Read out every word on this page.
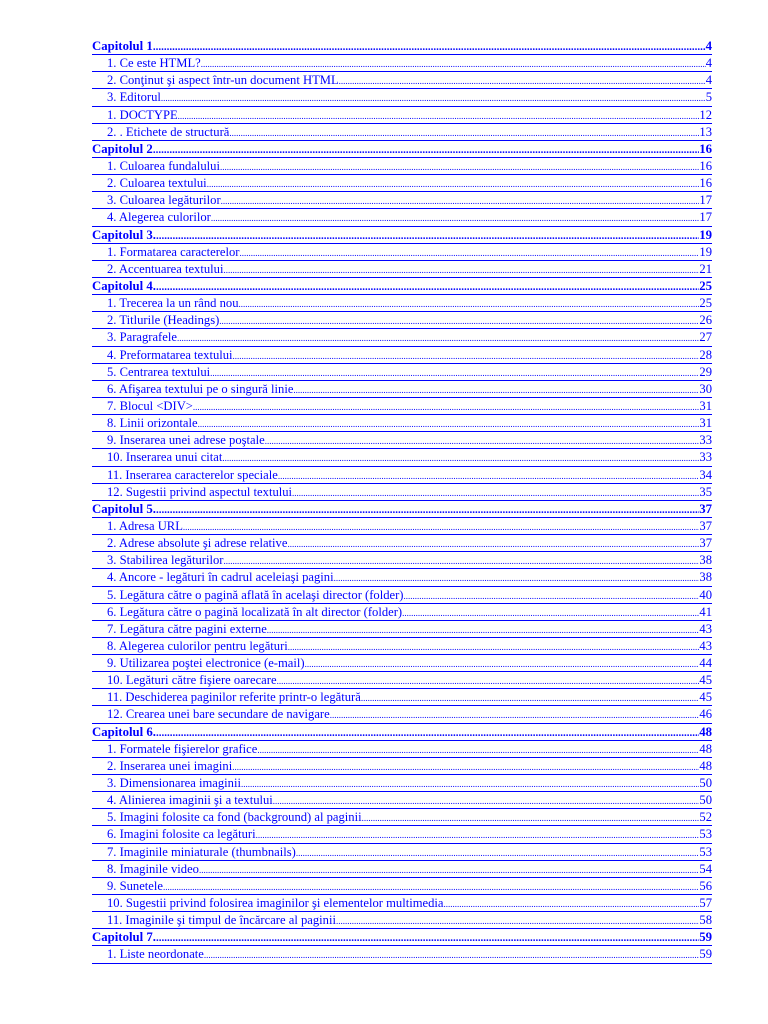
Capitolul 1 .....	4
1. Ce este HTML? .....	4
2. Conţinut şi aspect într-un document HTML .....	4
3. Editorul .....	5
1. DOCTYPE .....	12
2. . Etichete de structură .....	13
Capitolul 2 .....	16
1. Culoarea fundalului .....	16
2. Culoarea textului .....	16
3. Culoarea legăturilor .....	17
4. Alegerea culorilor .....	17
Capitolul 3. .....	19
1. Formatarea caracterelor .....	19
2. Accentuarea textului .....	21
Capitolul 4. .....	25
1. Trecerea la un rând nou .....	25
2. Titlurile (Headings) .....	26
3. Paragrafele .....	27
4. Preformatarea textului .....	28
5. Centrarea textului .....	29
6. Afişarea textului pe o singură linie .....	30
7. Blocul <DIV> .....	31
8. Linii orizontale .....	31
9. Inserarea unei adrese poştale .....	33
10. Inserarea unui citat .....	33
11. Inserarea caracterelor speciale .....	34
12. Sugestii privind aspectul textului .....	35
Capitolul 5. .....	37
1. Adresa URL .....	37
2. Adrese absolute şi adrese relative .....	37
3. Stabilirea legăturilor .....	38
4. Ancore - legături în cadrul aceleiaşi pagini .....	38
5. Legătura către o pagină aflată în acelaşi director (folder) .....	40
6. Legătura către o pagină localizată în alt director (folder) .....	41
7. Legătura către pagini externe .....	43
8. Alegerea culorilor pentru legături .....	43
9. Utilizarea poştei electronice (e-mail) .....	44
10. Legături către fişiere oarecare .....	45
11. Deschiderea paginilor referite printr-o legătură .....	45
12. Crearea unei bare secundare de navigare .....	46
Capitolul 6. .....	48
1. Formatele fişierelor grafice .....	48
2. Inserarea unei imagini .....	48
3. Dimensionarea imaginii .....	50
4. Alinierea imaginii şi a textului .....	50
5. Imagini folosite ca fond (background) al paginii .....	52
6. Imagini folosite ca legături .....	53
7. Imaginile miniaturale (thumbnails) .....	53
8. Imaginile video .....	54
9. Sunetele .....	56
10. Sugestii privind folosirea imaginilor şi elementelor multimedia .....	57
11. Imaginile şi timpul de încărcare al paginii .....	58
Capitolul 7. .....	59
1. Liste neordonate .....	59
